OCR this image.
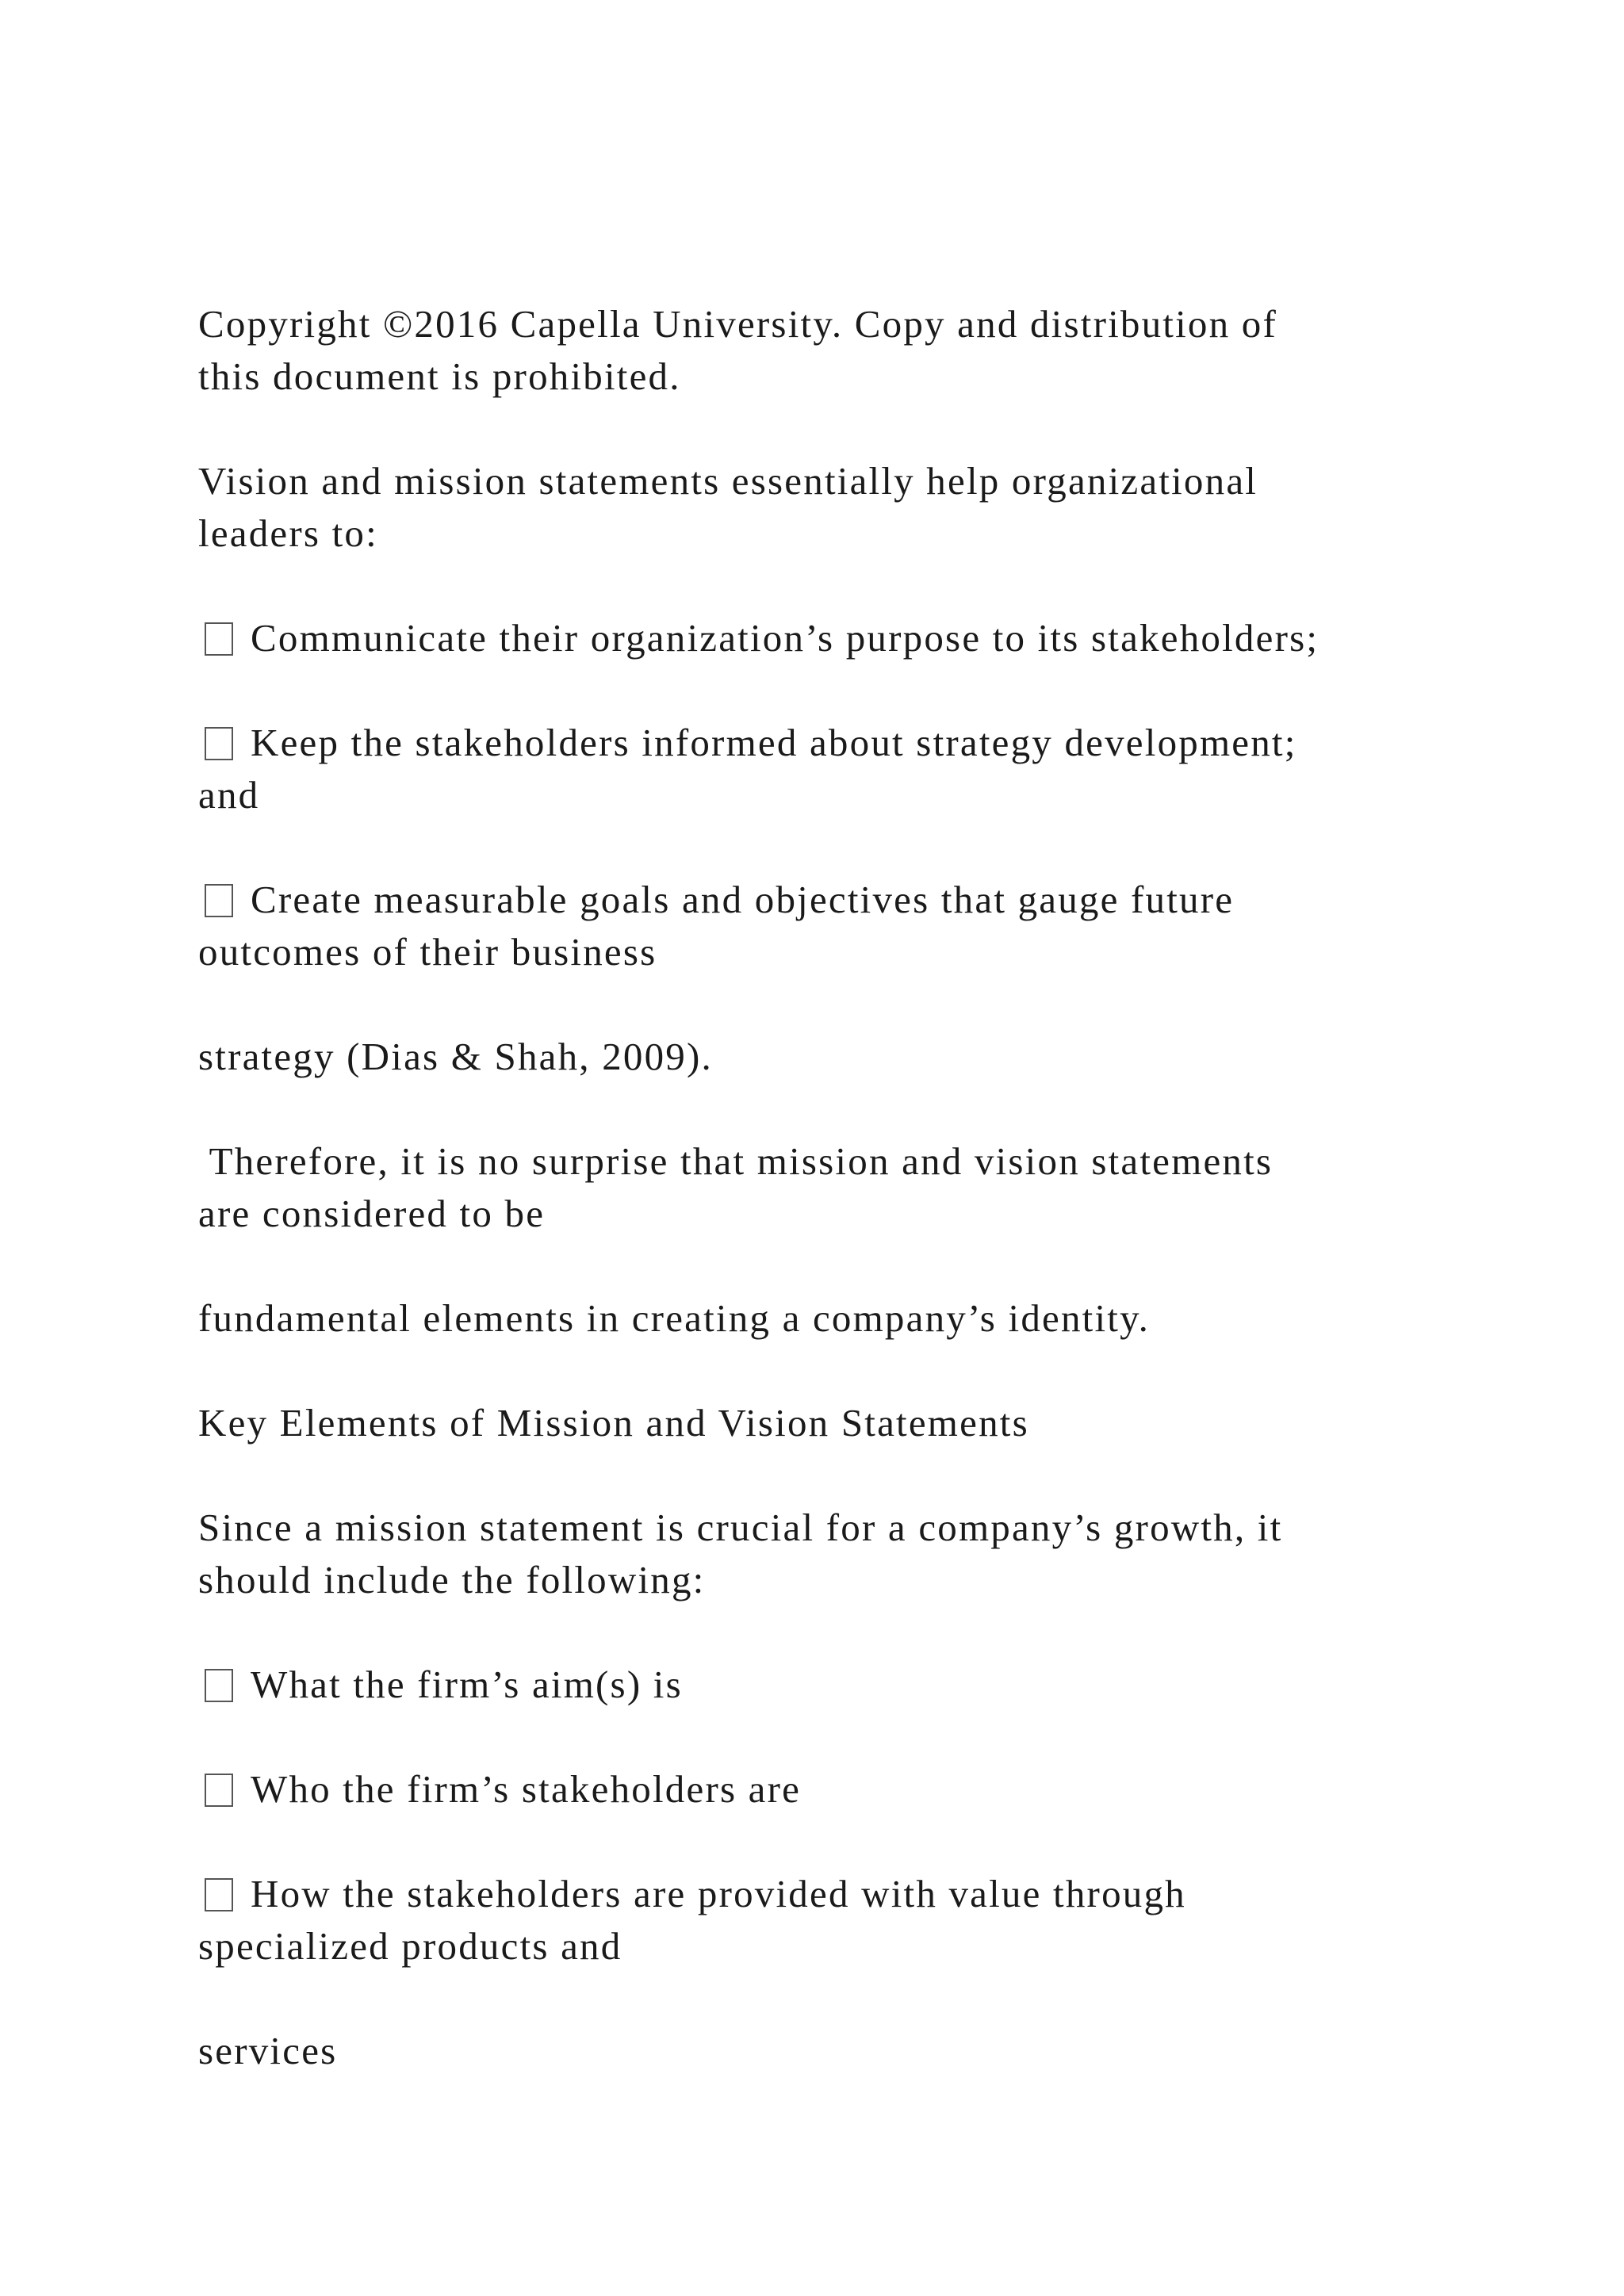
Copyright ©2016 Capella University. Copy and distribution of
this document is prohibited.
Vision and mission statements essentially help organizational
leaders to:
Communicate their organization’s purpose to its stakeholders;
Keep the stakeholders informed about strategy development;
and
Create measurable goals and objectives that gauge future
outcomes of their business
strategy (Dias & Shah, 2009).
Therefore, it is no surprise that mission and vision statements
are considered to be
fundamental elements in creating a company’s identity.
Key Elements of Mission and Vision Statements
Since a mission statement is crucial for a company’s growth, it
should include the following:
What the firm’s aim(s) is
Who the firm’s stakeholders are
How the stakeholders are provided with value through
specialized products and
services
